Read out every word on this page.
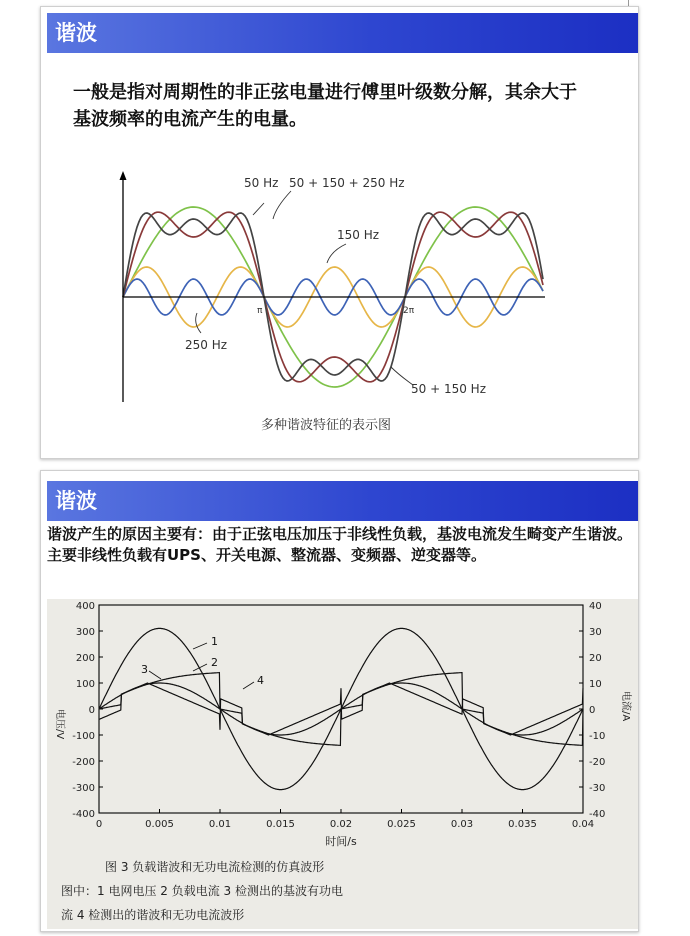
谐波
一般是指对周期性的非正弦电量进行傅里叶级数分解，其余大于基波频率的电流产生的电量。
50 Hz 50 + 150 + 250 Hz
150 Hz
250 Hz
50 + 150 Hz
π	2π
多种谐波特征的表示图
谐波
谐波产生的原因主要有：由于正弦电压加压于非线性负载，基波电流发生畸变产生谐波。主要非线性负载有UPS、开关电源、整流器、变频器、逆变器等。
0	0.005	0.01	0.015	0.02	0.025	0.03	0.035	0.04
400
300
200
100
0
-100
-200
-300
-400
40
30
20
10
0
-10
-20
-30
-40
1
2
3
4
电压/V
电流/A
时间/s
图 3 负载谐波和无功电流检测的仿真波形
图中：1 电网电压 2 负载电流 3 检测出的基波有功电
流 4 检测出的谐波和无功电流波形
